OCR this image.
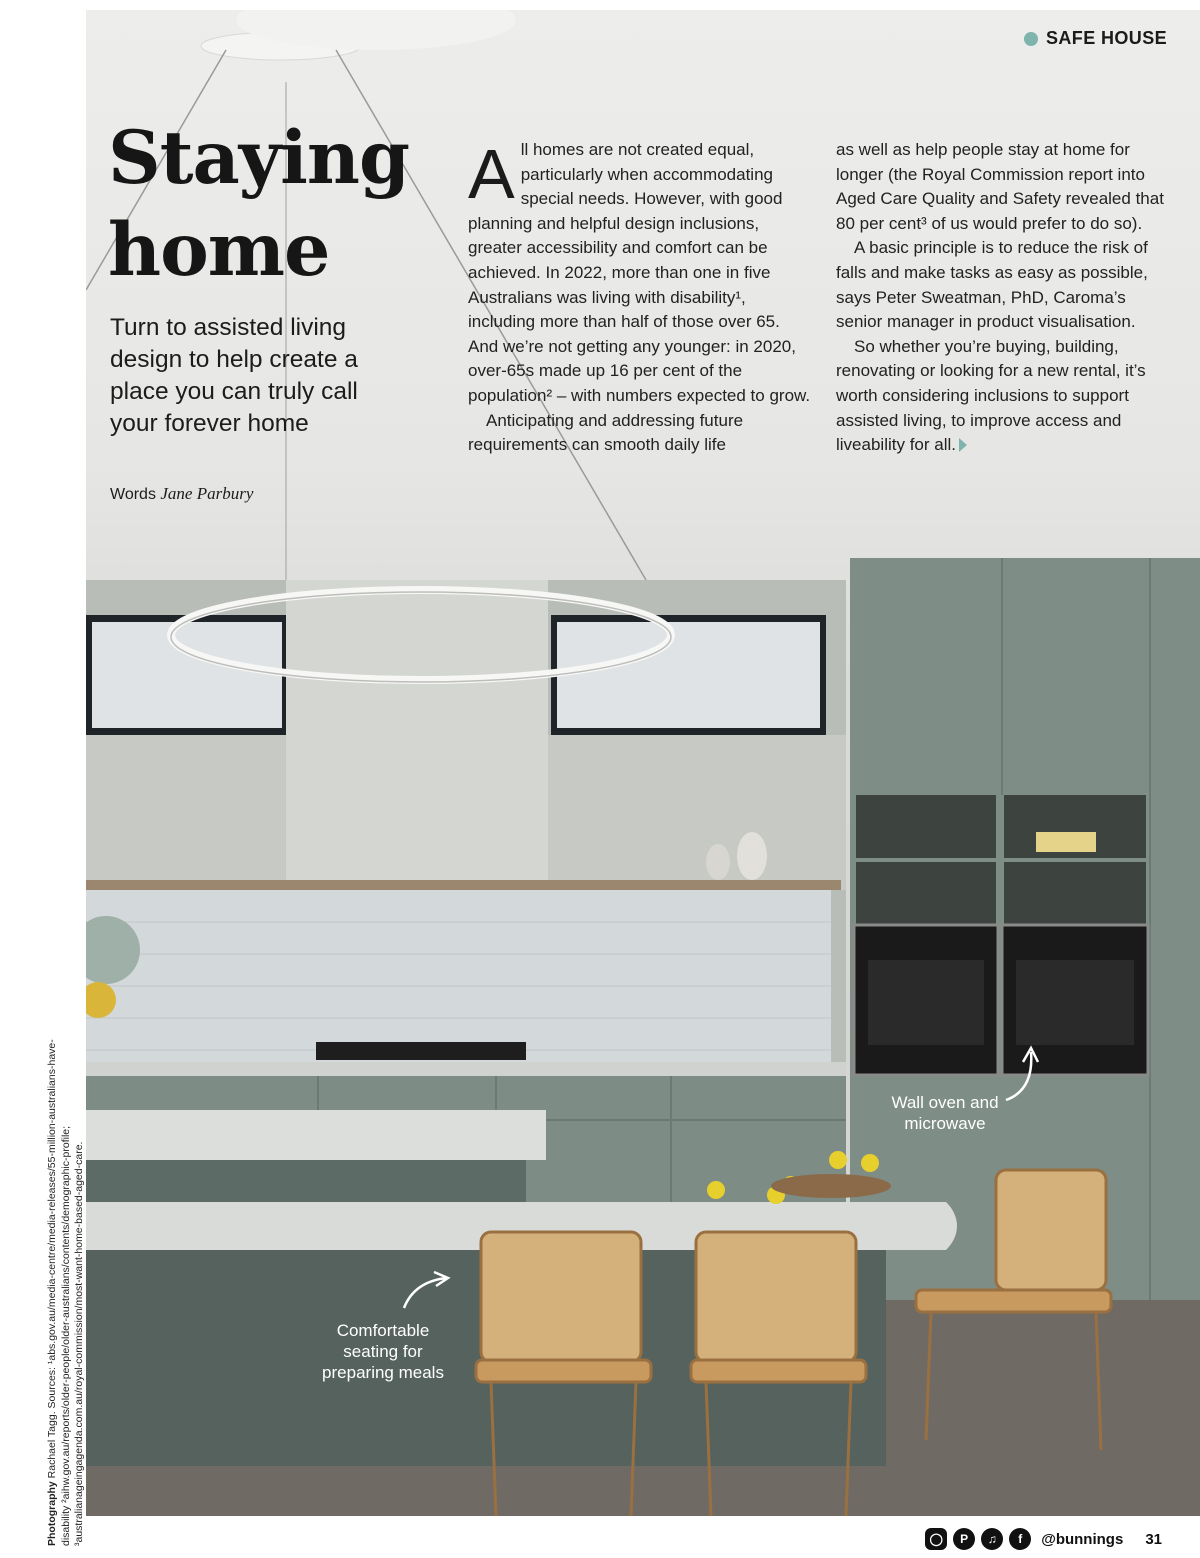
SAFE HOUSE
Staying
home

Turn to assisted living design to help create a place you can truly call your forever home

Words Jane Parbury

A ll homes are not created equal, particularly when accommodating special needs. However, with good planning and helpful design inclusions, greater accessibility and comfort can be achieved. In 2022, more than one in five Australians was living with disability¹, including more than half of those over 65. And we’re not getting any younger: in 2020, over-65s made up 16 per cent of the population² – with numbers expected to grow.

Anticipating and addressing future requirements can smooth daily life

as well as help people stay at home for longer (the Royal Commission report into Aged Care Quality and Safety revealed that 80 per cent³ of us would prefer to do so).

A basic principle is to reduce the risk of falls and make tasks as easy as possible, says Peter Sweatman, PhD, Caroma’s senior manager in product visualisation.

So whether you’re buying, building, renovating or looking for a new rental, it’s worth considering inclusions to support assisted living, to improve access and liveability for all.

Wall oven and microwave
Comfortable seating for preparing meals
Photography Rachael Tagg. Sources: ¹abs.gov.au/media-centre/media-releases/55-million-australians-have-disability ²aihw.gov.au/reports/older-people/older-australians/contents/demographic-profile; ³australianageingagenda.com.au/royal-commission/most-want-home-based-aged-care.	◯	P	♫	f	@bunnings 31
